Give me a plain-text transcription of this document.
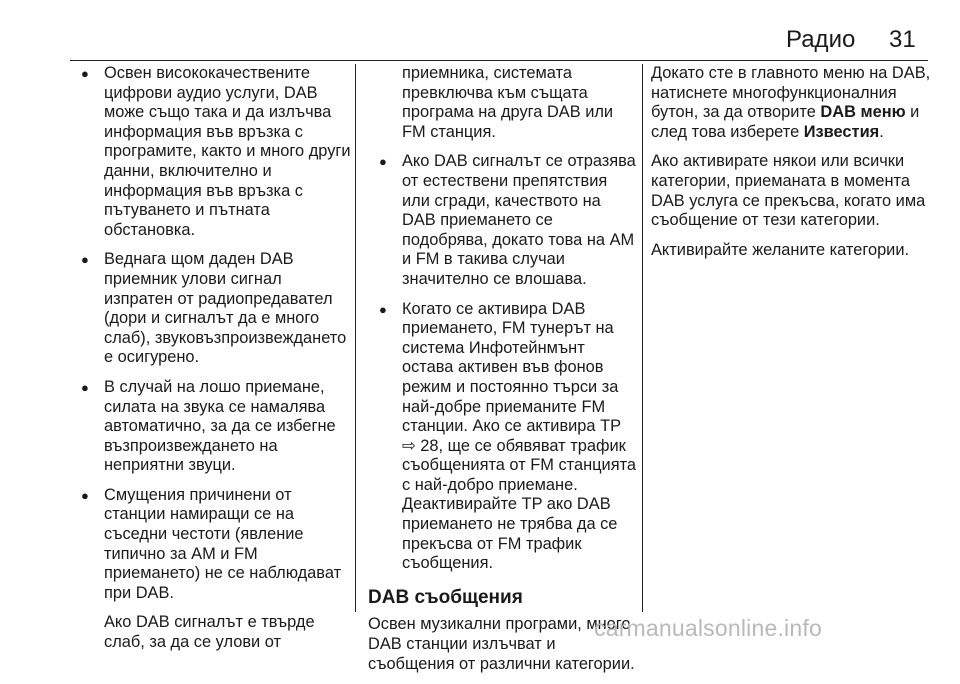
Радио 31
● Освен висококачествените цифрови аудио услуги, DAB може също така и да излъчва информация във връзка с програмите, както и много други данни, включително и информация във връзка с пътуването и пътната обстановка.
● Веднага щом даден DAB приемник улови сигнал изпратен от радиопредавател (дори и сигналът да е много слаб), звуковъзпроизвеждането е осигурено.
● В случай на лошо приемане, силата на звука се намалява автоматично, за да се избегне възпроизвеждането на неприятни звуци.
● Смущения причинени от станции намиращи се на съседни честоти (явление типично за AM и FM приемането) не се наблюдават при DAB.
Ако DAB сигналът е твърде слаб, за да се улови от
приемника, системата превключва към същата програма на друга DAB или FM станция.
● Ако DAB сигналът се отразява от естествени препятствия или сгради, качеството на DAB приемането се подобрява, докато това на AM и FM в такива случаи значително се влошава.
● Когато се активира DAB приемането, FM тунерът на система Инфотейнмънт остава активен във фонов режим и постоянно търси за най-добре приеманите FM станции. Ако се активира TP ⇨ 28, ще се обявяват трафик съобщенията от FM станцията с най-добро приемане. Деактивирайте TP ако DAB приемането не трябва да се прекъсва от FM трафик съобщения.
DAB съобщения
Освен музикални програми, много DAB станции излъчват и съобщения от различни категории.
Докато сте в главното меню на DAB, натиснете многофункционалния бутон, за да отворите DAB меню и след това изберете Известия.
Ако активирате някои или всички категории, приеманата в момента DAB услуга се прекъсва, когато има съобщение от тези категории.
Активирайте желаните категории.
carmanualsonline.info
